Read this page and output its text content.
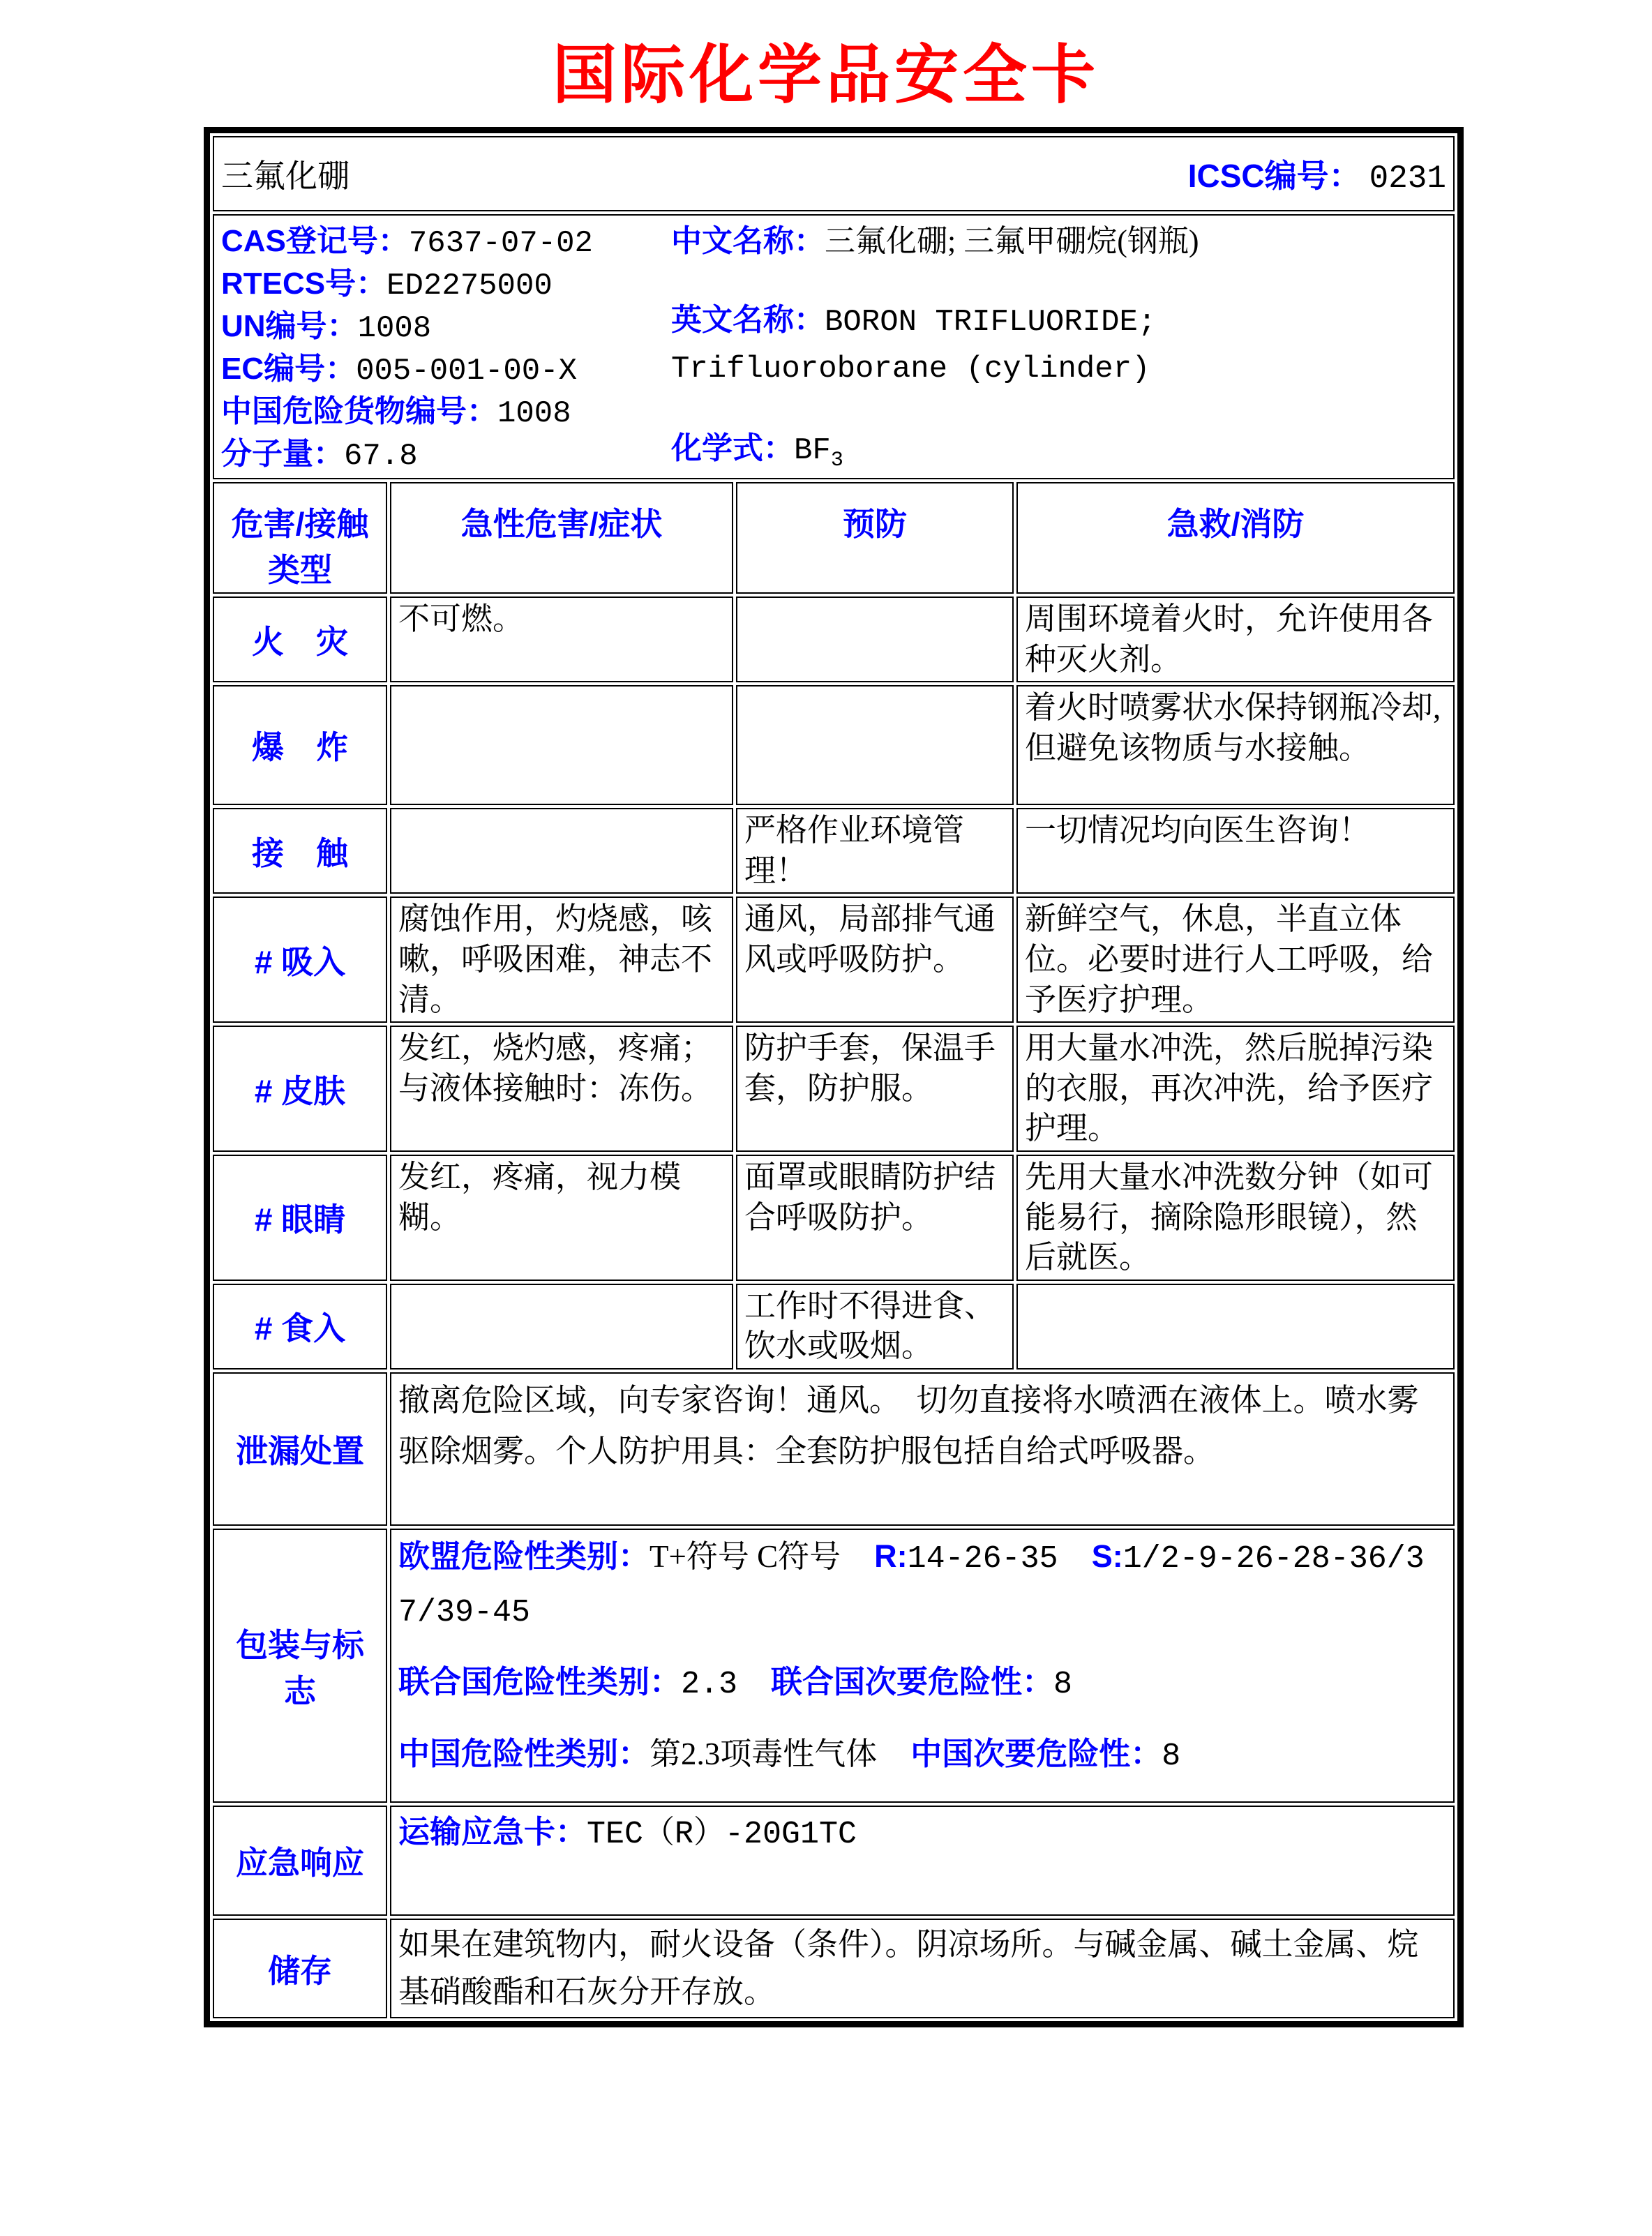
国际化学品安全卡
三氟化硼 ICSC编号： 0231			

CAS登记号：7637-07-02
RTECS号：ED2275000
UN编号：1008
EC编号：005-001-00-X
中国危险货物编号：1008
分子量：67.8
中文名称：三氟化硼; 三氟甲硼烷(钢瓶)
英文名称：BORON TRIFLUORIDE; Trifluoroborane (cylinder)
化学式：$BF_3$

危害/接触
类型	急性危害/症状	预防	急救/消防
火　灾	不可燃。		周围环境着火时，允许使用各种灭火剂。
爆　炸			着火时喷雾状水保持钢瓶冷却,但避免该物质与水接触。
接　触		严格作业环境管理！	一切情况均向医生咨询！
# 吸入	腐蚀作用，灼烧感，咳嗽，呼吸困难，神志不清。	通风，局部排气通风或呼吸防护。	新鲜空气，休息，半直立体位。必要时进行人工呼吸，给予医疗护理。
# 皮肤	发红，烧灼感，疼痛；与液体接触时：冻伤。	防护手套，保温手套，防护服。	用大量水冲洗，然后脱掉污染的衣服，再次冲洗，给予医疗护理。
# 眼睛	发红，疼痛，视力模糊。	面罩或眼睛防护结合呼吸防护。	先用大量水冲洗数分钟（如可能易行，摘除隐形眼镜），然后就医。
# 食入		工作时不得进食、饮水或吸烟。	
泄漏处置	撤离危险区域，向专家咨询！通风。　切勿直接将水喷洒在液体上。喷水雾驱除烟雾。个人防护用具：全套防护服包括自给式呼吸器。		
包装与标志	欧盟危险性类别：T+符号 C符号 R:14-26-35 S:1/2-9-26-28-36/37/39-45
联合国危险性类别：2.3 联合国次要危险性：8
中国危险性类别：第2.3项毒性气体 中国次要危险性：8		

应急响应	运输应急卡：TEC（R）-20G1TC		
储存	如果在建筑物内，耐火设备（条件）。阴凉场所。与碱金属、碱土金属、烷基硝酸酯和石灰分开存放。		
